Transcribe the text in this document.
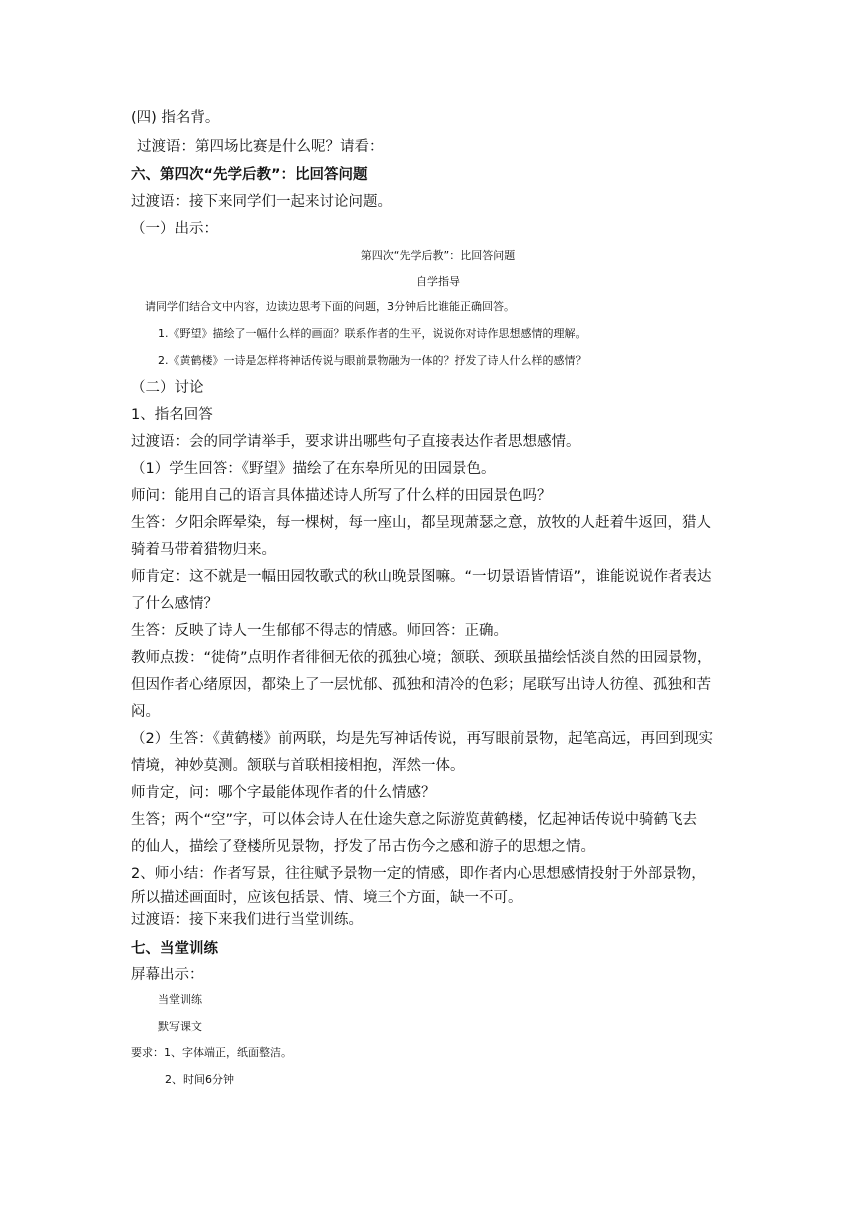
(四) 指名背。
过渡语：第四场比赛是什么呢？请看：
六、第四次“先学后教”：比回答问题
过渡语：接下来同学们一起来讨论问题。
（一）出示：
第四次“先学后教”：比回答问题
自学指导
请同学们结合文中内容，边读边思考下面的问题，3分钟后比谁能正确回答。
1.《野望》描绘了一幅什么样的画面？联系作者的生平，说说你对诗作思想感情的理解。
2.《黄鹤楼》一诗是怎样将神话传说与眼前景物融为一体的？抒发了诗人什么样的感情？
（二）讨论
1、指名回答
过渡语：会的同学请举手，要求讲出哪些句子直接表达作者思想感情。
（1）学生回答：《野望》描绘了在东皋所见的田园景色。
师问：能用自己的语言具体描述诗人所写了什么样的田园景色吗？
生答：夕阳余晖晕染，每一棵树，每一座山，都呈现萧瑟之意，放牧的人赶着牛返回，猎人
骑着马带着猎物归来。
师肯定：这不就是一幅田园牧歌式的秋山晚景图嘛。“一切景语皆情语”，谁能说说作者表达
了什么感情？
生答：反映了诗人一生郁郁不得志的情感。师回答：正确。
教师点拨：“徙倚”点明作者徘徊无依的孤独心境；颔联、颈联虽描绘恬淡自然的田园景物，
但因作者心绪原因，都染上了一层忧郁、孤独和清冷的色彩；尾联写出诗人彷徨、孤独和苦
闷。
（2）生答：《黄鹤楼》前两联，均是先写神话传说，再写眼前景物，起笔高远，再回到现实
情境，神妙莫测。颔联与首联相接相抱，浑然一体。
师肯定，问：哪个字最能体现作者的什么情感？
生答；两个“空”字，可以体会诗人在仕途失意之际游览黄鹤楼，忆起神话传说中骑鹤飞去
的仙人，描绘了登楼所见景物，抒发了吊古伤今之感和游子的思想之情。
2、师小结：作者写景，往往赋予景物一定的情感，即作者内心思想感情投射于外部景物，
所以描述画面时，应该包括景、情、境三个方面，缺一不可。
过渡语：接下来我们进行当堂训练。
七、当堂训练
屏幕出示：
当堂训练
默写课文
要求：1、字体端正，纸面整洁。
2、时间6分钟
